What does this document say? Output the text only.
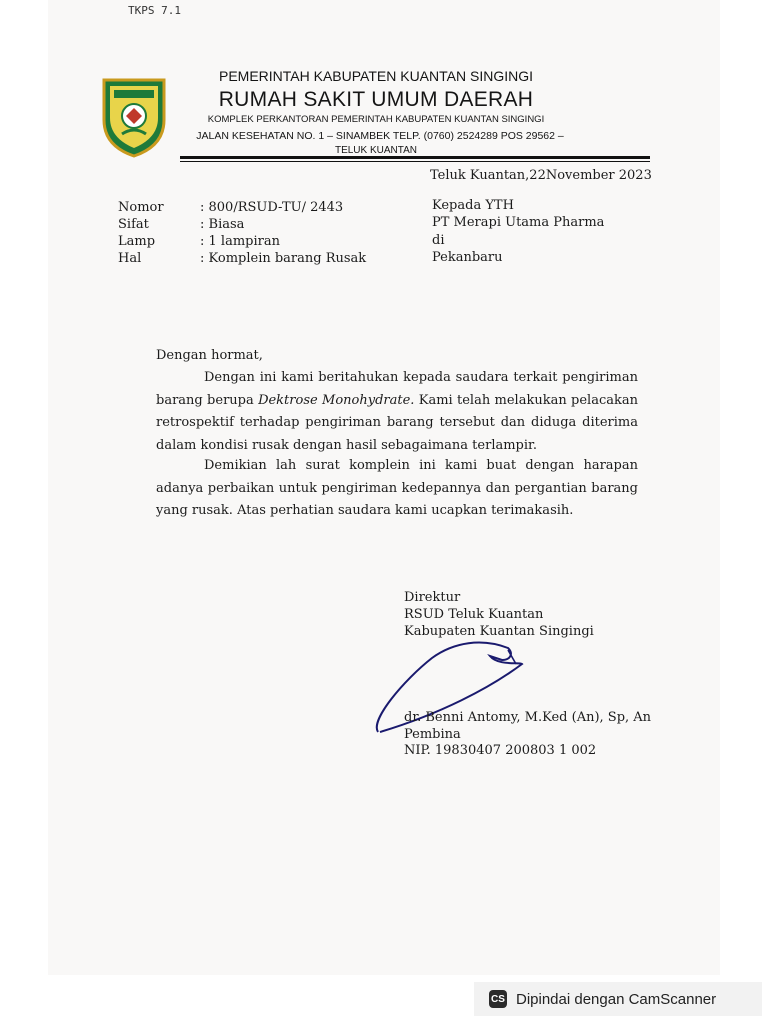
TKPS 7.1
PEMERINTAH KABUPATEN KUANTAN SINGINGI
RUMAH SAKIT UMUM DAERAH
KOMPLEK PERKANTORAN PEMERINTAH KABUPATEN KUANTAN SINGINGI
JALAN KESEHATAN NO. 1 – SINAMBEK TELP. (0760) 2524289 POS 29562 –
TELUK KUANTAN
Teluk Kuantan,22November 2023
Nomor	: 800/RSUD-TU/ 2443
Sifat	: Biasa
Lamp	: 1 lampiran
Hal	: Komplein barang Rusak
Kepada YTH
PT Merapi Utama Pharma
di
Pekanbaru
Dengan hormat,
Dengan ini kami beritahukan kepada saudara terkait pengiriman barang berupa Dektrose Monohydrate. Kami telah melakukan pelacakan retrospektif terhadap pengiriman barang tersebut dan diduga diterima dalam kondisi rusak dengan hasil sebagaimana terlampir.
Demikian lah surat komplein ini kami buat dengan harapan adanya perbaikan untuk pengiriman kedepannya dan pergantian barang yang rusak. Atas perhatian saudara kami ucapkan terimakasih.
Direktur
RSUD Teluk Kuantan
Kabupaten Kuantan Singingi
dr. Benni Antomy, M.Ked (An), Sp, An
Pembina
NIP. 19830407 200803 1 002
CS Dipindai dengan CamScanner
